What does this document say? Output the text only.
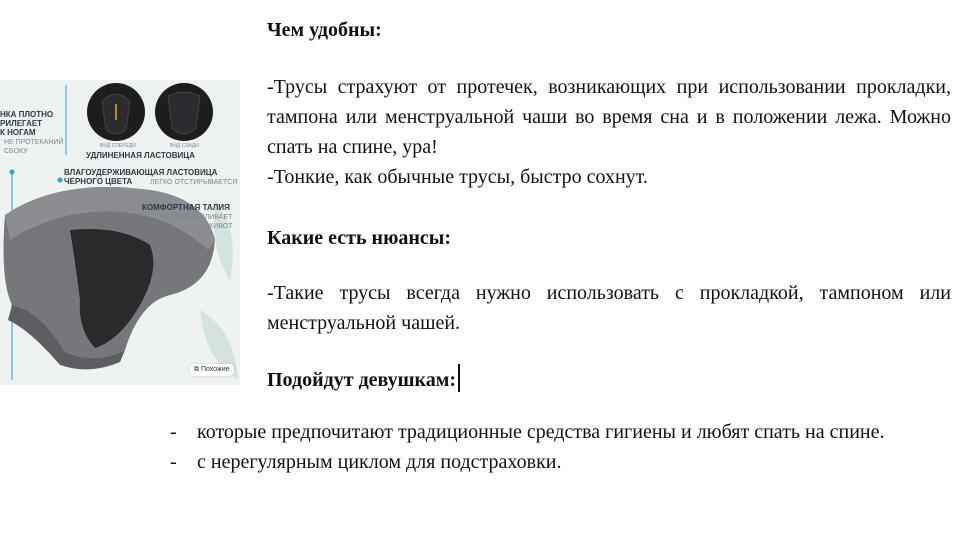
Чем удобны:

-Трусы страхуют от протечек, возникающих при использовании прокладки, тампона или менструальной чаши во время сна и в положении лежа. Можно спать на спине, ура!

-Тонкие, как обычные трусы, быстро сохнут.

Какие есть нюансы:

-Такие трусы всегда нужно использовать с прокладкой, тампоном или менструальной чашей.

Подойдут девушкам:
- которые предпочитают традиционные средства гигиены и любят спать на спине.
- с нерегулярным циклом для подстраховки.
НКА ПЛОТНО
РИЛЕГАЕТ
К НОГАМ
НЕ ПРОТЕКАНИЙ
СБОКУ
ВИД СПЕРЕДИ	ВИД СЗАДИ
УДЛИНЕННАЯ ЛАСТОВИЦА
ВЛАГОУДЕРЖИВАЮЩАЯ ЛАСТОВИЦА
ЧЕРНОГО ЦВЕТА	ЛЕГКО ОТСТИРЫВАЕТСЯ
КОМФОРТНАЯ ТАЛИЯ
НЕ ПЕРЕДАВЛИВАЕТ
ЖИВОТ
⧉ Похожие
